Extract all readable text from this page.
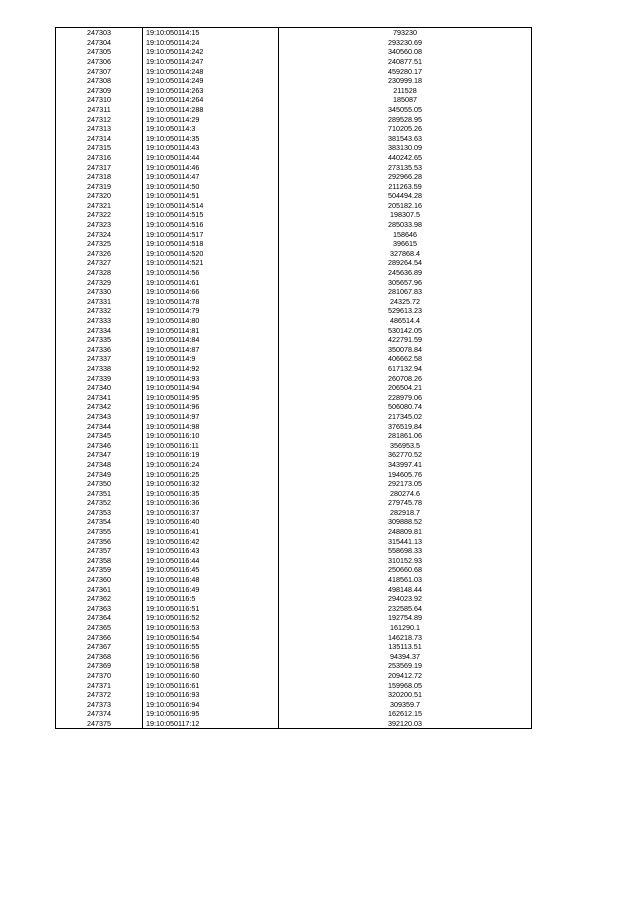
247303	19:10:050114:15	793230
247304	19:10:050114:24	293230.69
247305	19:10:050114:242	340560.08
247306	19:10:050114:247	240877.51
247307	19:10:050114:248	459280.17
247308	19:10:050114:249	230999.18
247309	19:10:050114:263	211528
247310	19:10:050114:264	185087
247311	19:10:050114:288	345055.05
247312	19:10:050114:29	289528.95
247313	19:10:050114:3	710205.26
247314	19:10:050114:35	381543.63
247315	19:10:050114:43	383130.09
247316	19:10:050114:44	440242.65
247317	19:10:050114:46	273135.53
247318	19:10:050114:47	292966.28
247319	19:10:050114:50	211263.59
247320	19:10:050114:51	504494.28
247321	19:10:050114:514	205182.16
247322	19:10:050114:515	198307.5
247323	19:10:050114:516	285033.98
247324	19:10:050114:517	158646
247325	19:10:050114:518	396615
247326	19:10:050114:520	327868.4
247327	19:10:050114:521	289264.54
247328	19:10:050114:56	245636.89
247329	19:10:050114:61	305657.96
247330	19:10:050114:66	281067.83
247331	19:10:050114:78	24325.72
247332	19:10:050114:79	529613.23
247333	19:10:050114:80	486514.4
247334	19:10:050114:81	530142.05
247335	19:10:050114:84	422791.59
247336	19:10:050114:87	350078.84
247337	19:10:050114:9	406662.58
247338	19:10:050114:92	617132.94
247339	19:10:050114:93	260708.26
247340	19:10:050114:94	206504.21
247341	19:10:050114:95	228979.06
247342	19:10:050114:96	506080.74
247343	19:10:050114:97	217345.02
247344	19:10:050114:98	376519.84
247345	19:10:050116:10	281861.06
247346	19:10:050116:11	356953.5
247347	19:10:050116:19	362770.52
247348	19:10:050116:24	343997.41
247349	19:10:050116:25	194605.76
247350	19:10:050116:32	292173.05
247351	19:10:050116:35	280274.6
247352	19:10:050116:36	279745.78
247353	19:10:050116:37	282918.7
247354	19:10:050116:40	309888.52
247355	19:10:050116:41	248809.81
247356	19:10:050116:42	315441.13
247357	19:10:050116:43	558698.33
247358	19:10:050116:44	310152.93
247359	19:10:050116:45	250660.68
247360	19:10:050116:48	418561.03
247361	19:10:050116:49	498148.44
247362	19:10:050116:5	294023.92
247363	19:10:050116:51	232585.64
247364	19:10:050116:52	192754.89
247365	19:10:050116:53	161290.1
247366	19:10:050116:54	146218.73
247367	19:10:050116:55	135113.51
247368	19:10:050116:56	94394.37
247369	19:10:050116:58	253569.19
247370	19:10:050116:60	209412.72
247371	19:10:050116:61	159968.05
247372	19:10:050116:93	320200.51
247373	19:10:050116:94	309359.7
247374	19:10:050116:95	162612.15
247375	19:10:050117:12	392120.03
